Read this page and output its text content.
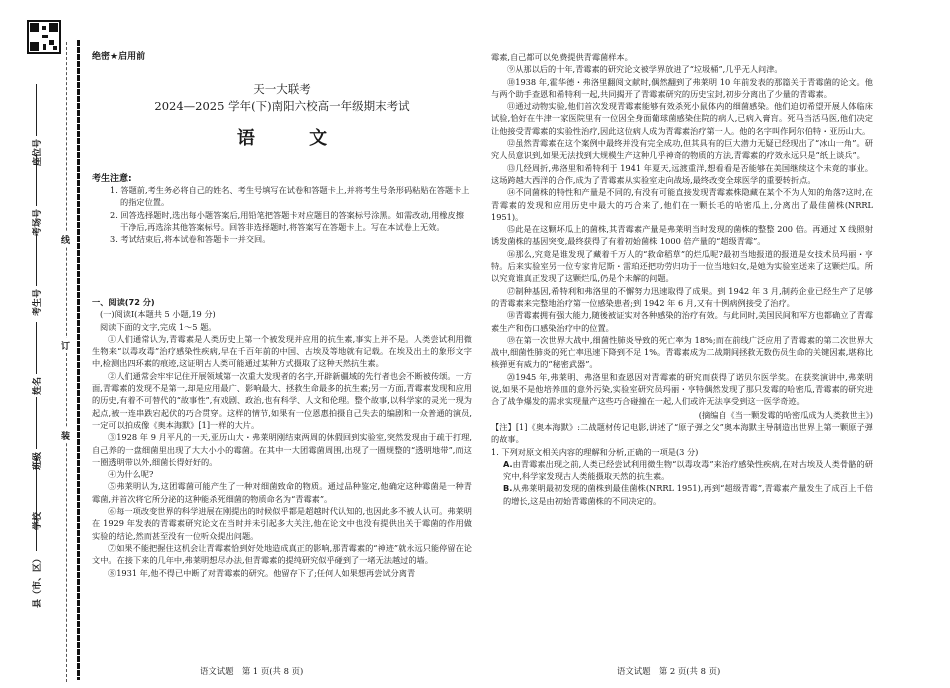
县（市、区）
学校
班级
姓名
考生号
考场号
座位号
装
订
线
绝密★启用前
天一大联考
2024—2025 学年(下)南阳六校高一年级期末考试
语 文
考生注意:

1. 答题前,考生务必将自己的姓名、考生号填写在试卷和答题卡上,并将考生号条形码粘贴在答题卡上的指定位置。

2. 回答选择题时,选出每小题答案后,用铅笔把答题卡对应题目的答案标号涂黑。如需改动,用橡皮擦干净后,再选涂其他答案标号。回答非选择题时,将答案写在答题卡上。写在本试卷上无效。

3. 考试结束后,将本试卷和答题卡一并交回。

一、阅读(72 分)

(一)阅读Ⅰ(本题共 5 小题,19 分)

阅读下面的文字,完成 1～5 题。

①人们通常认为,青霉素是人类历史上第一个被发现并应用的抗生素,事实上并不是。人类尝试利用微生物来“以毒攻毒”治疗感染性疾病,早在千百年前的中国、古埃及等地就有记载。在埃及出土的象形文字中,检测出四环素的痕迹,这证明古人类可能通过某种方式摄取了这种天然抗生素。

②人们通常会牢牢记住开展领域第一次重大发现者的名字,开辟新疆域的先行者也会不断被传颂。一方面,青霉素的发现不是第一,却是应用最广、影响最大、拯救生命最多的抗生素;另一方面,青霉素发现和应用的历史,有着不可替代的“故事性”,有戏剧、政治,也有科学、人文和伦理。整个故事,以科学家的灵光一现为起点,被一连串跌宕起伏的巧合贯穿。这样的情节,如果有一位恩惠拍摄自己失去的编剧和一众普通的演员,一定可以拍成像《奥本海默》[1]一样的大片。

③1928 年 9 月平凡的一天,亚历山大・弗莱明刚结束两周的休假回到实验室,突然发现由于疏于打理,自己养的一盘细菌里出现了大大小小的霉菌。在其中一大团霉菌周围,出现了一圈规整的“透明地带”,而这一圈透明带以外,细菌长得好好的。

④为什么呢?

⑤弗莱明认为,这团霉菌可能产生了一种对细菌致命的物质。通过品种鉴定,他确定这种霉菌是一种青霉菌,并首次将它所分泌的这种能杀死细菌的物质命名为“青霉素”。

⑥每一项改变世界的科学进展在刚提出的时候似乎都是超越时代认知的,也因此多不被人认可。弗莱明在 1929 年发表的青霉素研究论文在当时并未引起多大关注,他在论文中也没有提供出关于霉菌的作用做实验的结论,然而甚至没有一位听众提出问题。

⑦如果不能把握住这机会让青霉素恰到好处地造成真正的影响,那青霉素的“神迹”就永远只能停留在论文中。在接下来的几年中,弗莱明想尽办法,但青霉素的提纯研究似乎碰到了一堵无法越过的墙。

⑧1931 年,他不得已中断了对青霉素的研究。他留存下了;任何人如果想再尝试分离青

霉素,自己都可以免费提供青霉菌样本。

⑨从那以后的十年,青霉素的研究论文被学界放进了“垃圾桶”,几乎无人问津。

⑩1938 年,霍华德・弗洛里翻阅文献时,偶然翻到了弗莱明 10 年前发表的那篇关于青霉菌的论文。他与两个助手查恩和希特利一起,共同揭开了青霉素研究的历史宝封,初步分离出了少量的青霉素。

⑪通过动物实验,他们首次发现青霉素能够有效杀死小鼠体内的细菌感染。他们迫切希望开展人体临床试验,恰好在牛津一家医院里有一位因全身面葡球菌感染住院的病人,已病入膏肓。死马当活马医,他们决定让他接受青霉素的实验性治疗,因此这位病人成为青霉素治疗第一人。他的名字叫作阿尔伯特・亚历山大。

⑫虽然青霉素在这个案例中最终并没有完全成功,但其具有的巨大潜力无疑已经现出了“冰山一角”。研究人员意识到,如果无法找到大规模生产这种几乎神奇的物质的方法,青霉素的疗效永远只是“纸上谈兵”。

⑬几经周折,弗洛里和希特利于 1941 年夏天,远渡重洋,想看看是否能够在美国继续这个未竟的事业。这场跨越大西洋的合作,成为了青霉素从实验室走向战场,最终改变全球医学的重要转折点。

⑭不同菌株的特性和产量是不同的,有没有可能直接发现青霉素株隐藏在某个不为人知的角落?这时,在青霉素的发现和应用历史中最大的巧合来了,他们在一颗长毛的哈密瓜上,分离出了最佳菌株(NRRL 1951)。

⑮此是在这颗坏瓜上的菌株,其青霉素产量是弗莱明当时发现的菌株的整整 200 倍。再通过 X 线照射诱发菌株的基因突变,最终获得了有着初始菌株 1000 倍产量的“超级青霉”。

⑯那么,究竟是谁发现了藏着千万人的“救命稻草”的烂瓜呢?最初当地报道的报道是女技术员玛丽・亨特。后来实验室另一位专家肯尼斯・雷珀还把功劳归功于一位当地妇女,是她为实验室送来了这颗烂瓜。所以究竟谁真正发现了这颗烂瓜,仍是个未解的问题。

⑰制种基因,希特利和弗洛里的不懈努力迅速取得了成果。到 1942 年 3 月,制药企业已经生产了足够的青霉素来完整地治疗第一位感染患者;到 1942 年 6 月,又有十例病例接受了治疗。

⑱青霉素拥有强大能力,随後被证实对各种感染的治疗有效。与此同时,美国民间和军方也都确立了青霉素生产和伤口感染治疗中的位置。

⑲在第一次世界大战中,细菌性肺炎导致的死亡率为 18%;而在前线广泛应用了青霉素的第二次世界大战中,细菌性肺炎的死亡率迅速下降到不足 1%。青霉素成为二战期间拯救无数伤员生命的关键因素,堪称比核弹更有威力的“秘密武器”。

⑳1945 年,弗莱明、弗洛里和查恩因对青霉素的研究而获得了诺贝尔医学奖。在获奖演讲中,弗莱明说,如果不是他培养皿的意外污染,实验室研究员玛丽・亨特偶然发现了那只发霉的哈密瓜,青霉素的研究进合了战争爆发的需求实现量产这些巧合碰撞在一起,人们或许无法享受到这一医学奇迹。

(摘编自《当一颗发霉的哈密瓜成为人类救世主》)

【注】[1]《奥本海默》:二战题材传记电影,讲述了“原子弹之父”奥本海默主导制造出世界上第一颗原子弹的故事。

1. 下列对原文相关内容的理解和分析,正确的一项是(3 分)

A.由青霉素出现之前,人类已经尝试利用微生物“以毒攻毒”来治疗感染性疾病,在对古埃及人类骨骼的研究中,科学家发现古人类能摄取天然的抗生素。

B.从弗莱明最初发现的菌株到最佳菌株(NRRL 1951),再到“超级青霉”,青霉素产量发生了成百上千倍的增长,这是由初始青霉菌株的不同决定的。

语文试题　第 1 页(共 8 页)	语文试题　第 2 页(共 8 页)
